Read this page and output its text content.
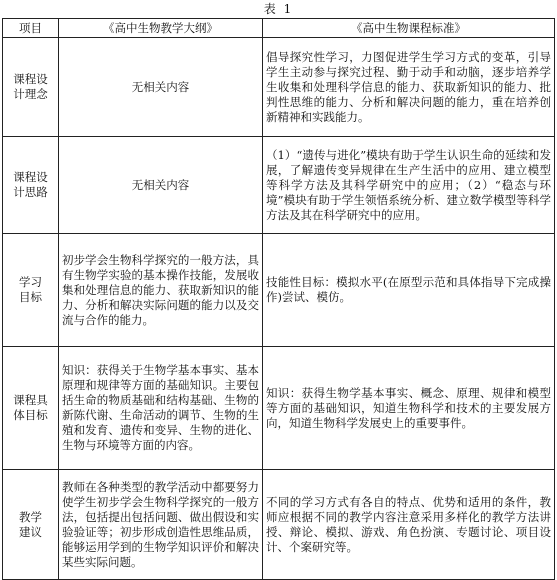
表 1
项目	《高中生物教学大纲》	《高中生物课程标准》

课程设计理念	无相关内容	倡导探究性学习，力图促进学生学习方式的变革，引导学生主动参与探究过程、勤于动手和动脑，逐步培养学生收集和处理科学信息的能力、获取新知识的能力、批判性思维的能力、分析和解决问题的能力，重在培养创新精神和实践能力。

课程设计思路	无相关内容	（1）“遗传与进化”模块有助于学生认识生命的延续和发展，了解遗传变异规律在生产生活中的应用、建立模型等科学方法及其科学研究中的应用；（2）“稳态与环境”模块有助于学生领悟系统分析、建立数学模型等科学方法及其在科学研究中的应用。

学习目标	初步学会生物科学探究的一般方法，具有生物学实验的基本操作技能，发展收集和处理信息的能力、获取新知识的能力、分析和解决实际问题的能力以及交流与合作的能力。	技能性目标：模拟水平(在原型示范和具体指导下完成操作)尝试、模仿。

课程具体目标	知识：获得关于生物学基本事实、基本原理和规律等方面的基础知识。主要包括生命的物质基础和结构基础、生物的新陈代谢、生命活动的调节、生物的生殖和发育、遗传和变异、生物的进化、生物与环境等方面的内容。	知识：获得生物学基本事实、概念、原理、规律和模型等方面的基础知识，知道生物科学和技术的主要发展方向，知道生物科学发展史上的重要事件。

教学建议	教师在各种类型的教学活动中都要努力使学生初步学会生物科学探究的一般方法，包括提出包括问题、做出假设和实验验证等；初步形成创造性思维品质，能够运用学到的生物学知识评价和解决某些实际问题。	不同的学习方式有各自的特点、优势和适用的条件，教师应根据不同的教学内容注意采用多样化的教学方法讲授、辩论、模拟、游戏、角色扮演、专题讨论、项目设计、个案研究等。
